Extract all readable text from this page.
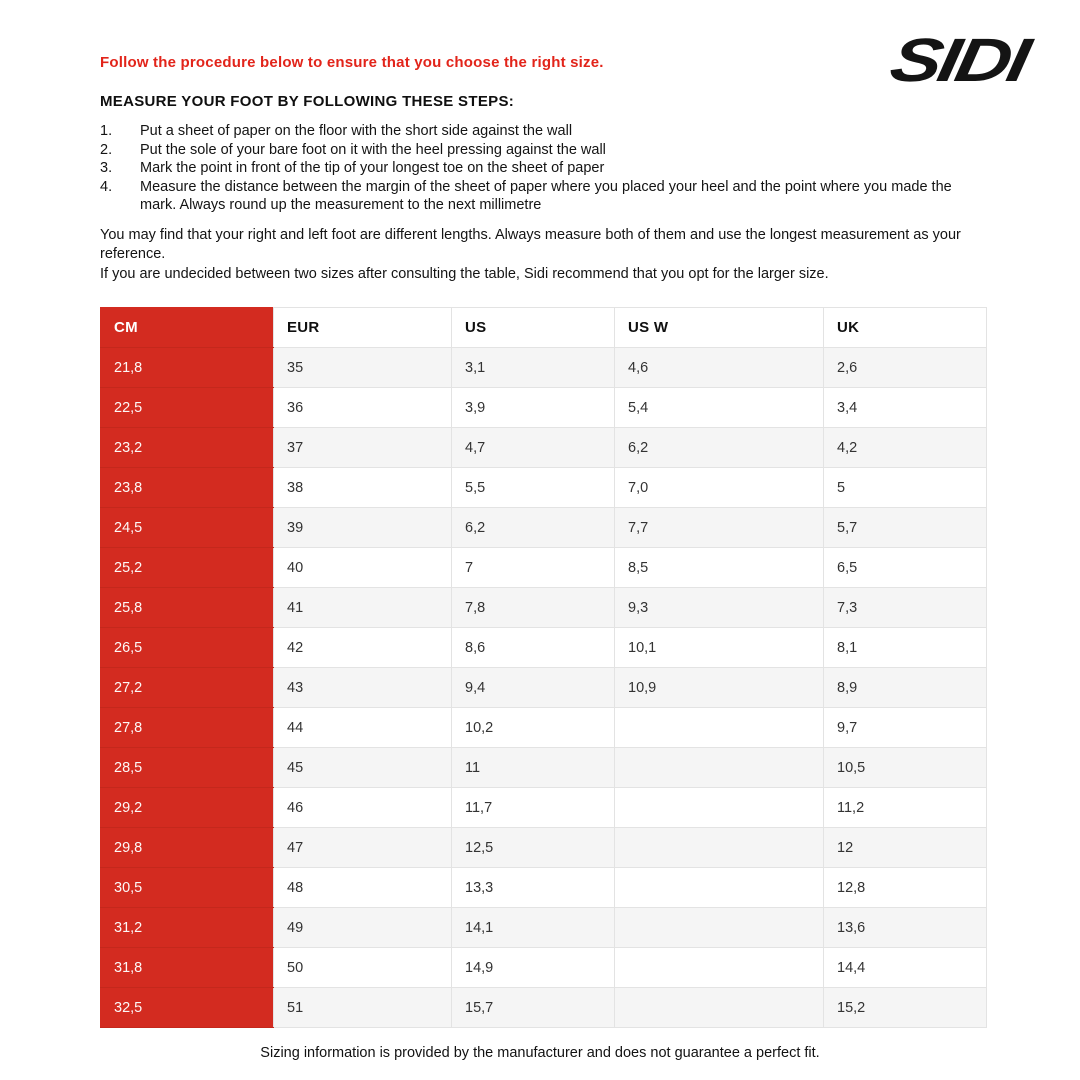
SIDI
Follow the procedure below to ensure that you choose the right size.
MEASURE YOUR FOOT BY FOLLOWING THESE STEPS:
1.	Put a sheet of paper on the floor with the short side against the wall
2.	Put the sole of your bare foot on it with the heel pressing against the wall
3.	Mark the point in front of the tip of your longest toe on the sheet of paper
4.	Measure the distance between the margin of the sheet of paper where you placed your heel and the point where you made the mark. Always round up the measurement to the next millimetre

You may find that your right and left foot are different lengths. Always measure both of them and use the longest measurement as your reference.

If you are undecided between two sizes after consulting the table, Sidi recommend that you opt for the larger size.

CM	EUR	US	US W	UK
21,8	35	3,1	4,6	2,6
22,5	36	3,9	5,4	3,4
23,2	37	4,7	6,2	4,2
23,8	38	5,5	7,0	5
24,5	39	6,2	7,7	5,7
25,2	40	7	8,5	6,5
25,8	41	7,8	9,3	7,3
26,5	42	8,6	10,1	8,1
27,2	43	9,4	10,9	8,9
27,8	44	10,2		9,7
28,5	45	11		10,5
29,2	46	11,7		11,2
29,8	47	12,5		12
30,5	48	13,3		12,8
31,2	49	14,1		13,6
31,8	50	14,9		14,4
32,5	51	15,7		15,2
Sizing information is provided by the manufacturer and does not guarantee a perfect fit.
